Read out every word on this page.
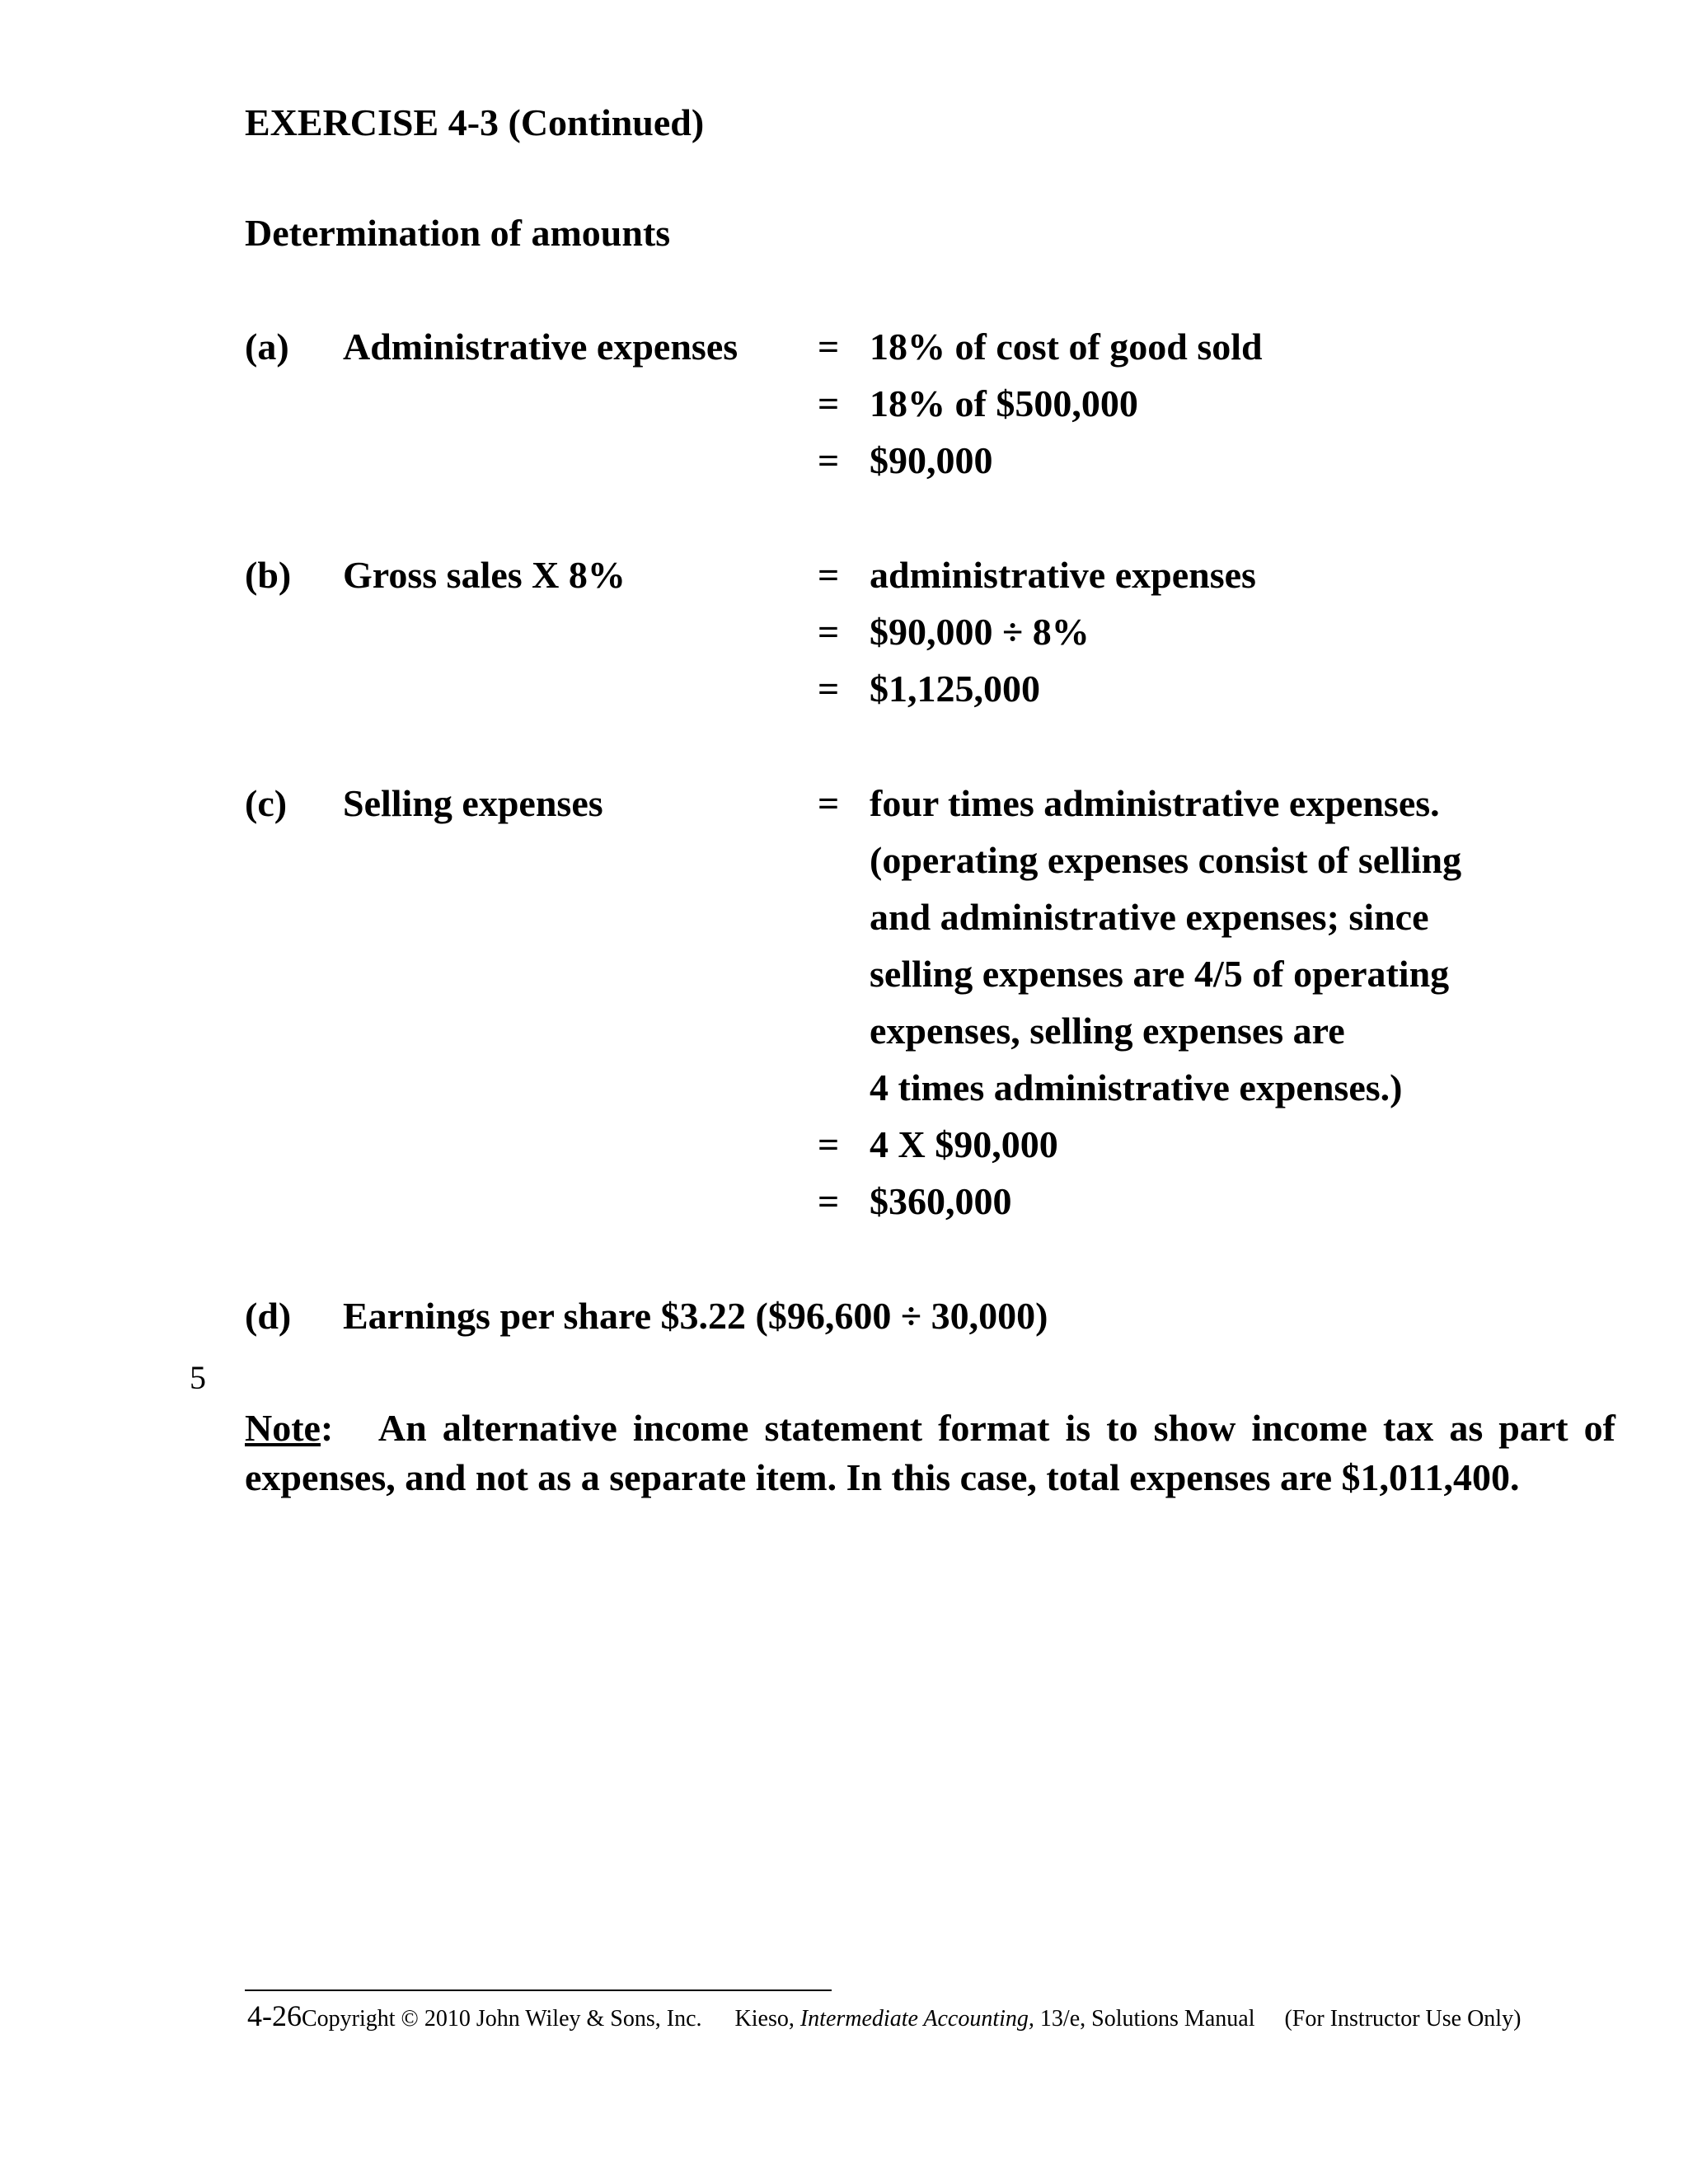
EXERCISE 4-3 (Continued)
Determination of amounts
(a) Administrative expenses = 18% of cost of good sold
= 18% of $500,000
= $90,000
(b) Gross sales X 8%	= administrative expenses
= $90,000 ÷ 8%
= $1,125,000
(c) Selling expenses	= four times administrative expenses.
(operating expenses consist of selling
and administrative expenses; since
selling expenses are 4/5 of operating
expenses, selling expenses are
4 times administrative expenses.)
= 4 X $90,000
= $360,000
(d) Earnings per share $3.22 ($96,600 ÷ 30,000)
5
Note:   An alternative income statement format is to show income tax as part of expenses, and not as a separate item. In this case, total expenses are $1,011,400.
4-26Copyright © 2010 John Wiley & Sons, Inc. Kieso, Intermediate Accounting, 13/e, Solutions Manual (For Instructor Use Only)
